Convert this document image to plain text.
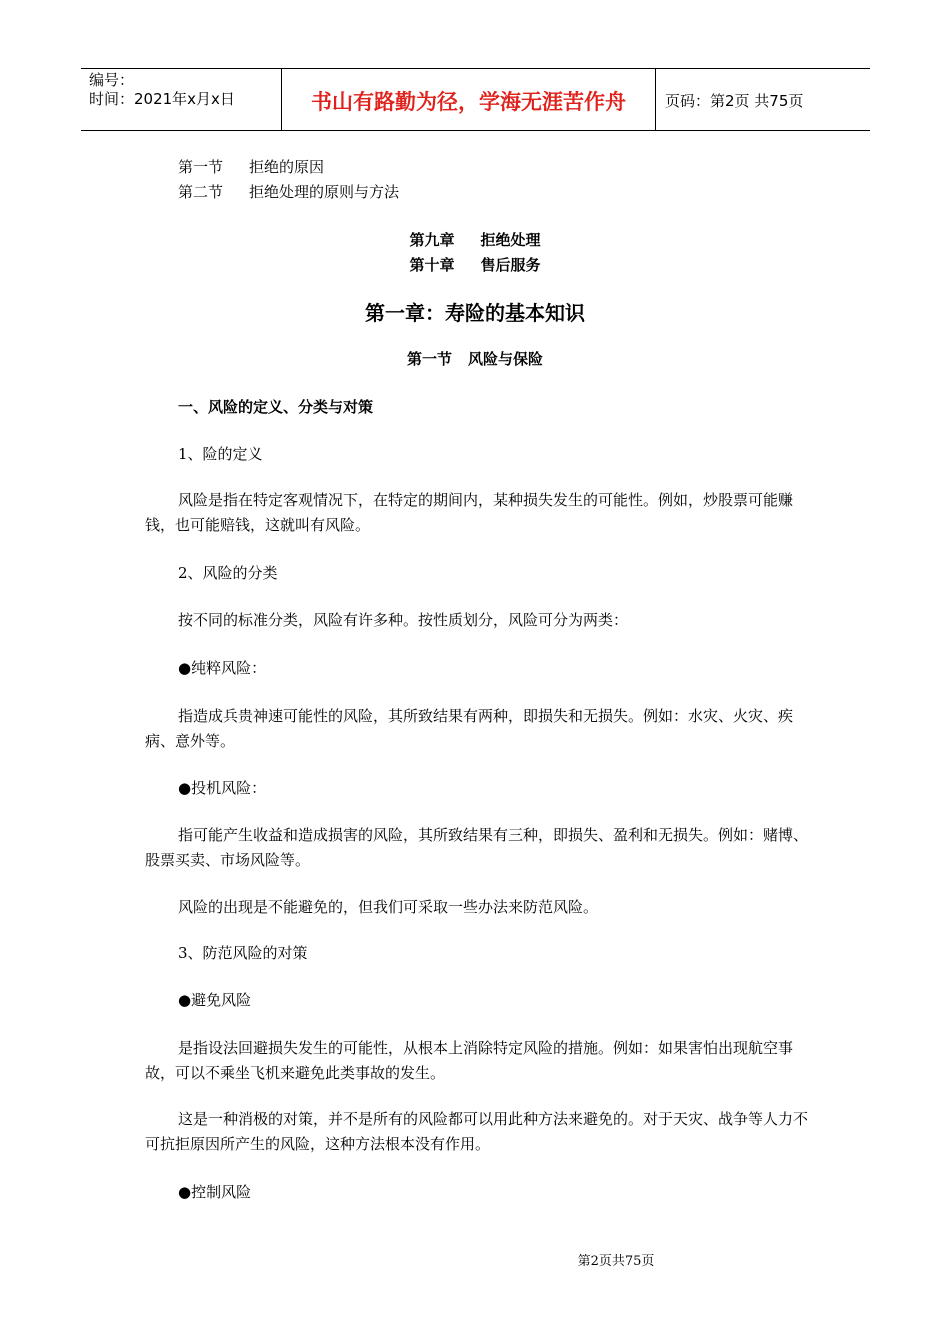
编号：
时间：2021年x月x日	书山有路勤为径，学海无涯苦作舟	页码：第2页 共75页
第一节 拒绝的原因
第二节 拒绝处理的原则与方法
第九章 拒绝处理
第十章 售后服务
第一章：寿险的基本知识
第一节 风险与保险
一、风险的定义、分类与对策
1、险的定义
风险是指在特定客观情况下，在特定的期间内，某种损失发生的可能性。例如，炒股票可能赚钱，也可能赔钱，这就叫有风险。
2、风险的分类
按不同的标准分类，风险有许多种。按性质划分，风险可分为两类：
●纯粹风险：
指造成兵贵神速可能性的风险，其所致结果有两种，即损失和无损失。例如：水灾、火灾、疾病、意外等。
●投机风险：
指可能产生收益和造成损害的风险，其所致结果有三种，即损失、盈利和无损失。例如：赌博、股票买卖、市场风险等。
风险的出现是不能避免的，但我们可采取一些办法来防范风险。
3、防范风险的对策
●避免风险
是指设法回避损失发生的可能性，从根本上消除特定风险的措施。例如：如果害怕出现航空事故，可以不乘坐飞机来避免此类事故的发生。
这是一种消极的对策，并不是所有的风险都可以用此种方法来避免的。对于天灾、战争等人力不可抗拒原因所产生的风险，这种方法根本没有作用。
●控制风险
第2页共75页
